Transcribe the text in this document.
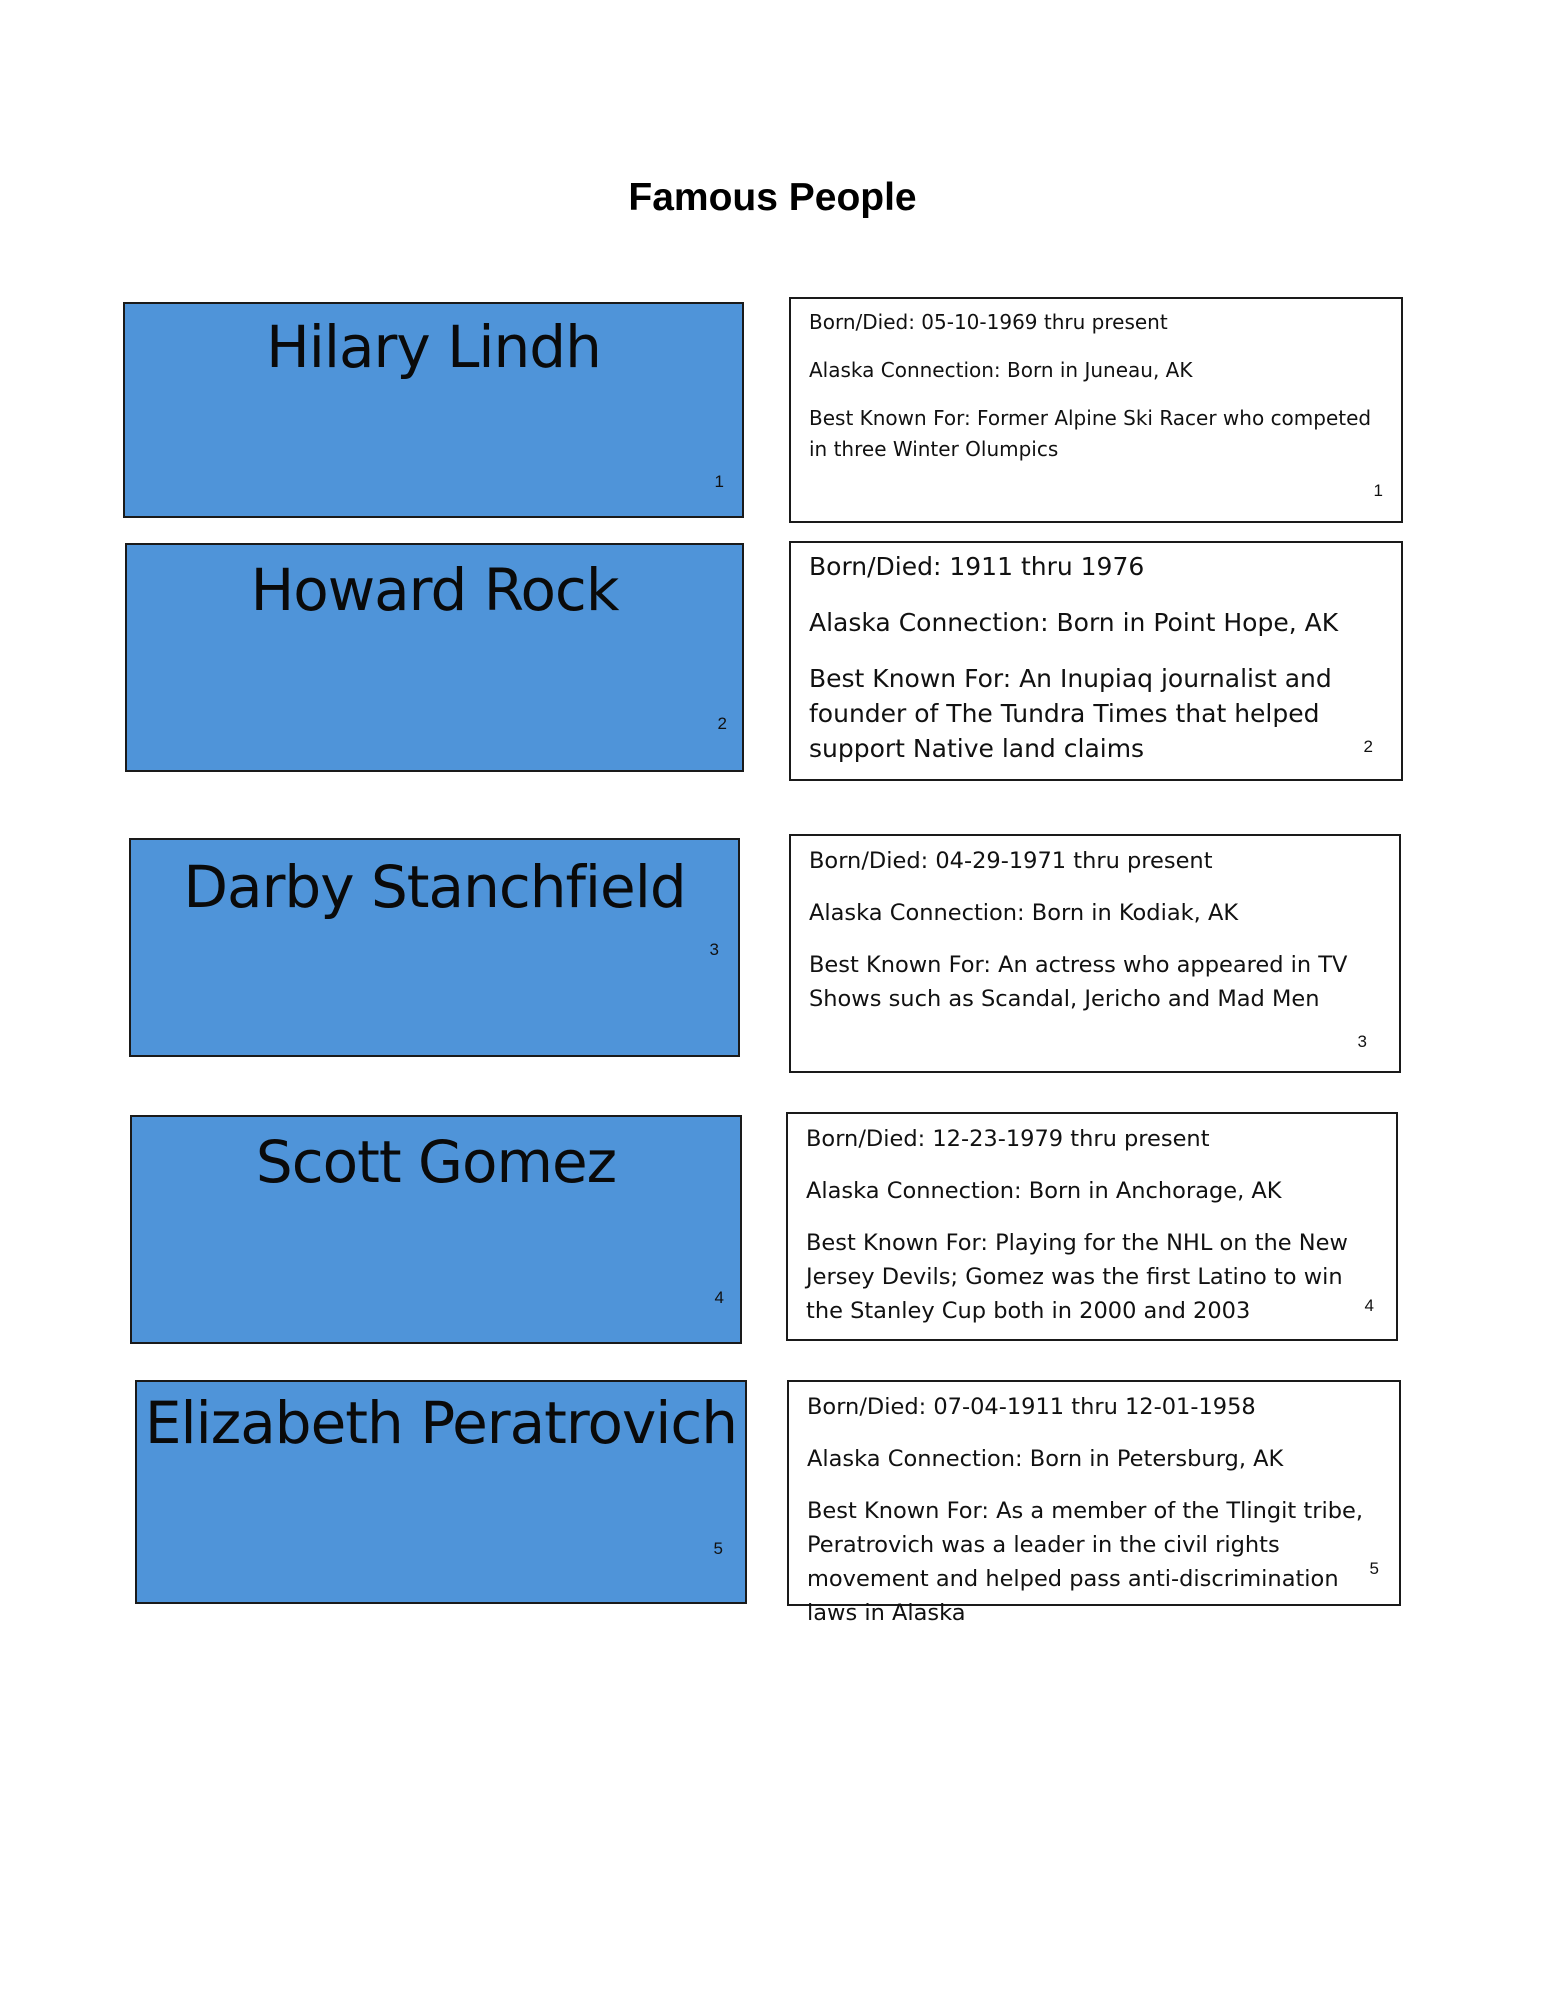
Famous People
Hilary Lindh
1

Born/Died: 05-10-1969 thru present

Alaska Connection: Born in Juneau, AK

Best Known For: Former Alpine Ski Racer who competed in three Winter Olumpics

1
Howard Rock
2

Born/Died: 1911 thru 1976

Alaska Connection: Born in Point Hope, AK

Best Known For: An Inupiaq journalist and founder of The Tundra Times that helped support Native land claims	2
Darby Stanchfield
3

Born/Died: 04-29-1971 thru present

Alaska Connection: Born in Kodiak, AK

Best Known For: An actress who appeared in TV Shows such as Scandal, Jericho and Mad Men

3
Scott Gomez
4

Born/Died: 12-23-1979 thru present

Alaska Connection: Born in Anchorage, AK

Best Known For: Playing for the NHL on the New Jersey Devils; Gomez was the first Latino to win the Stanley Cup both in 2000 and 2003	4
Elizabeth Peratrovich
5

Born/Died: 07-04-1911 thru 12-01-1958

Alaska Connection: Born in Petersburg, AK

Best Known For: As a member of the Tlingit tribe, Peratrovich was a leader in the civil rights movement and helped pass anti-discrimination laws in Alaska

5
